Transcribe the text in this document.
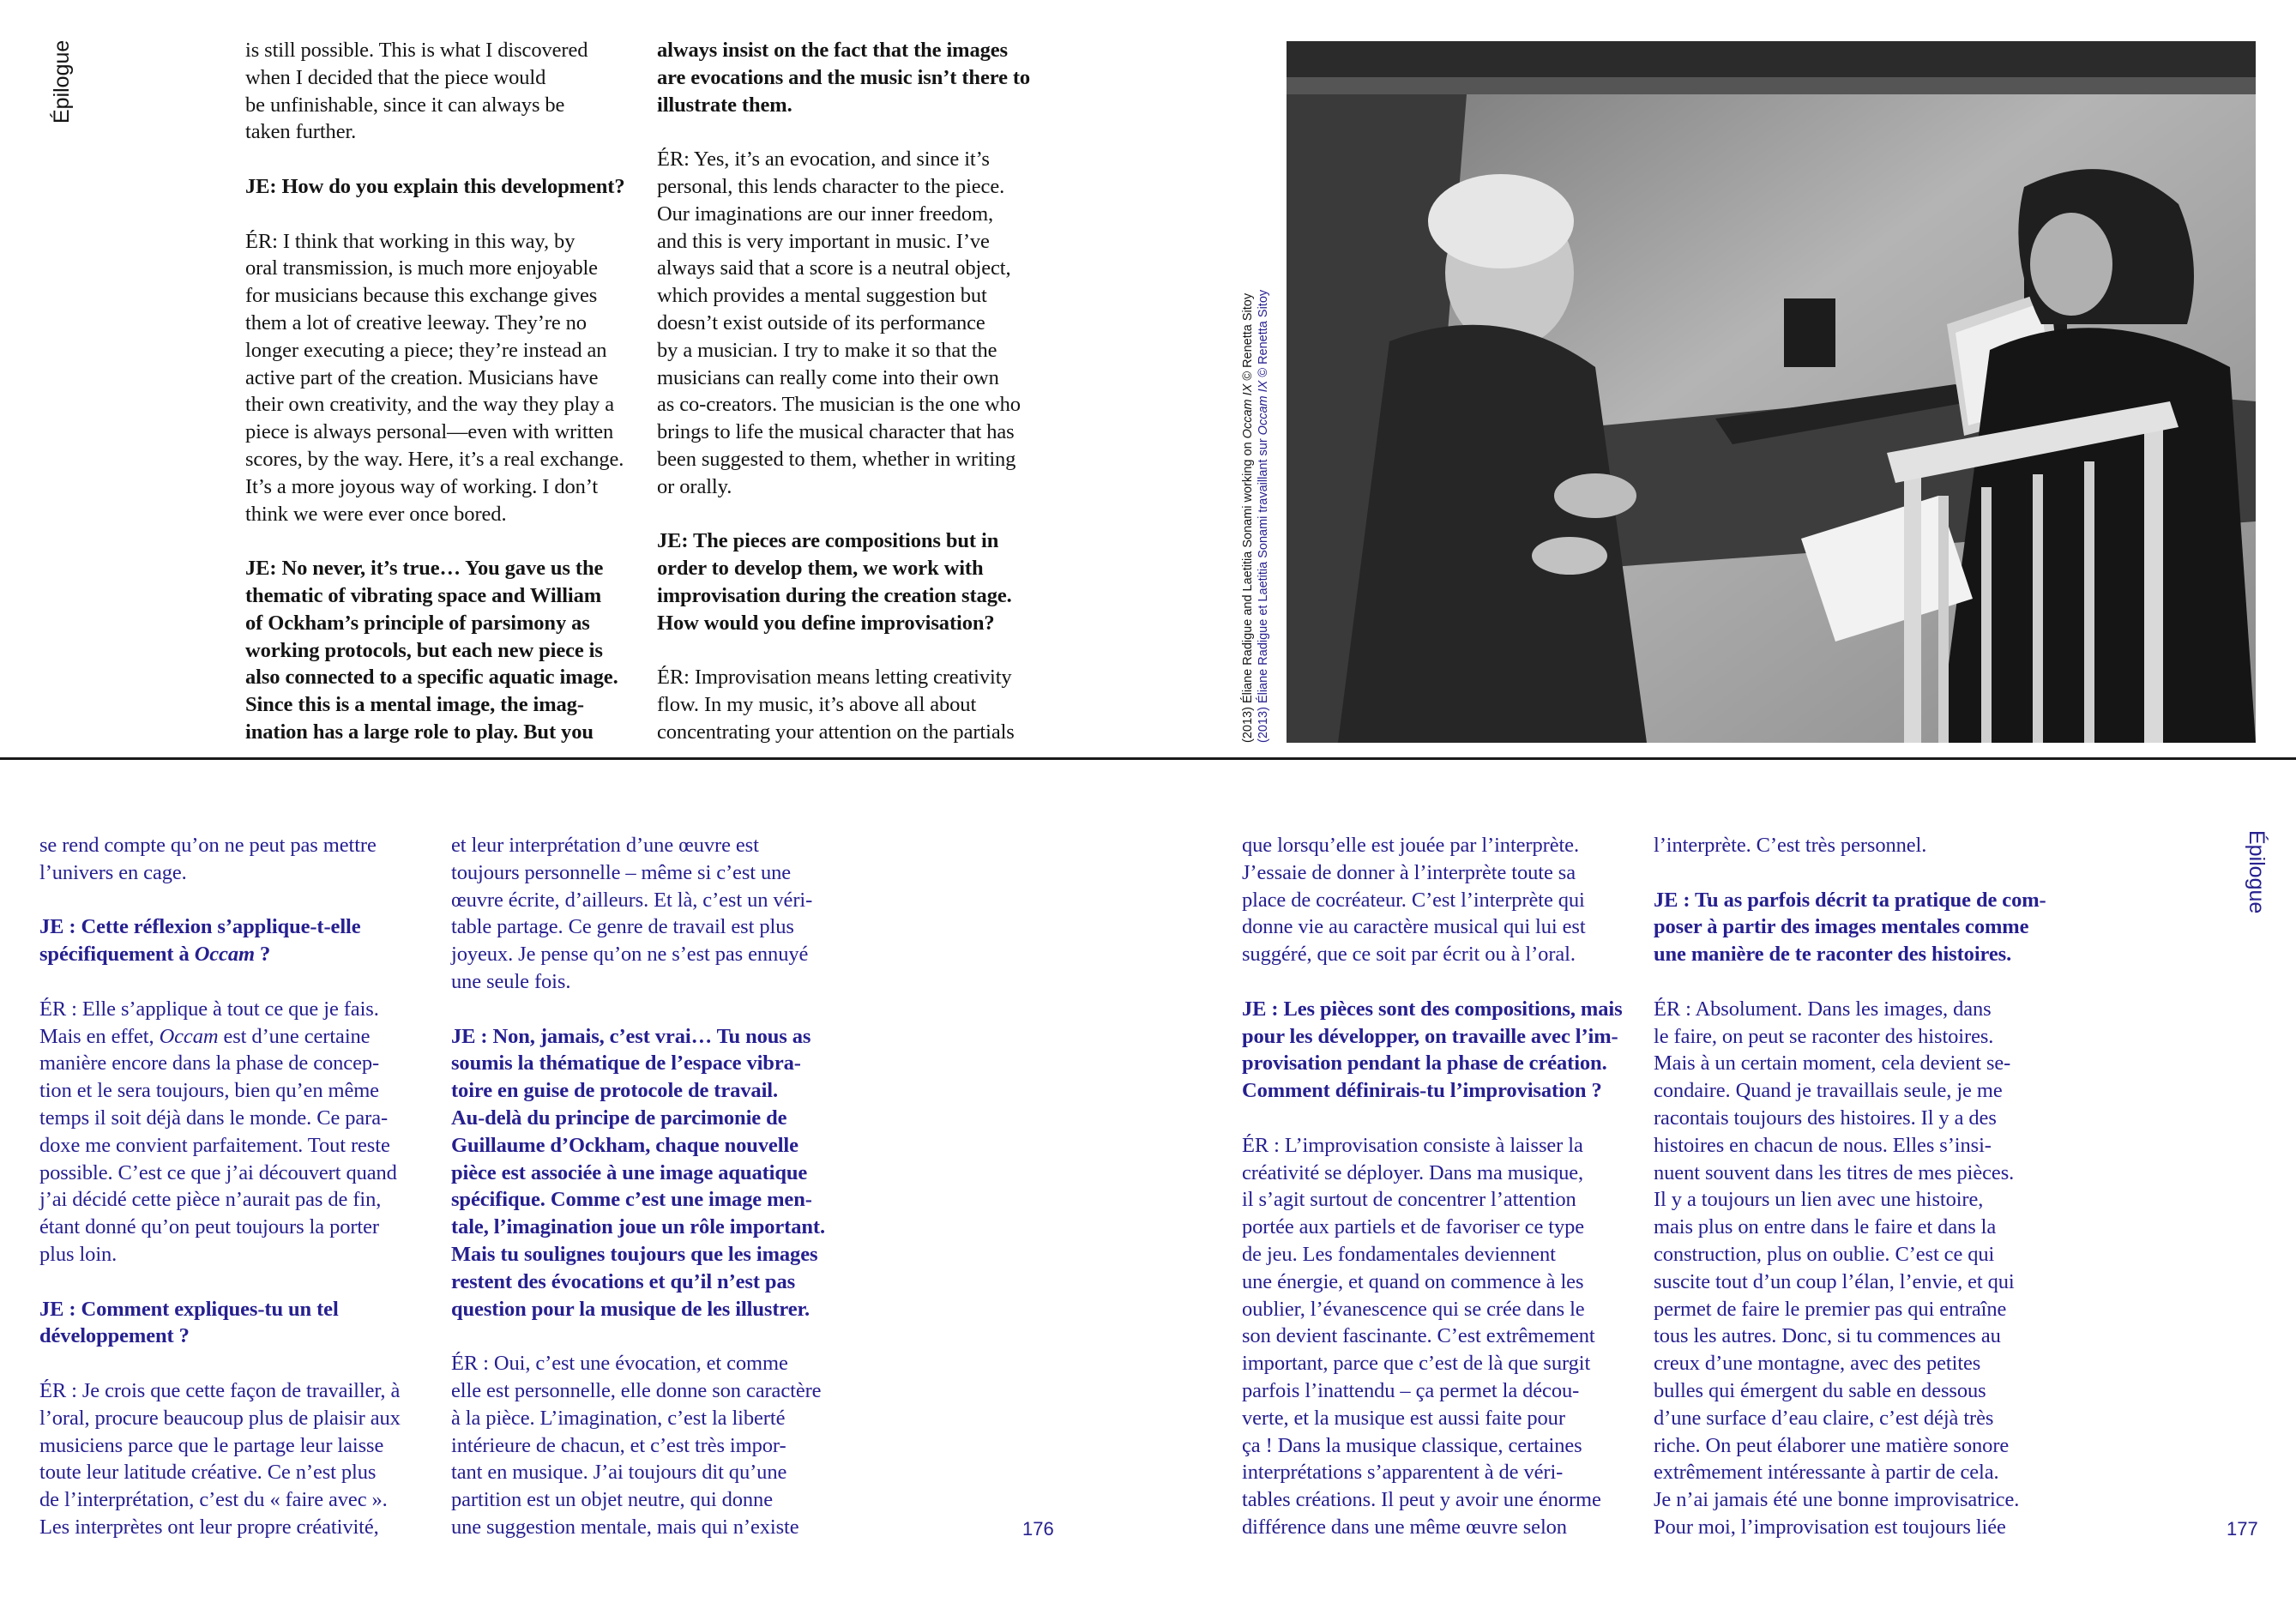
Épilogue	is still possible. This is what I discovered
when I decided that the piece would
be unfinishable, since it can always be
taken further.

JE: How do you explain this development?

ÉR: I think that working in this way, by
oral transmission, is much more enjoyable
for musicians because this exchange gives
them a lot of creative leeway. They’re no
longer executing a piece; they’re instead an
active part of the creation. Musicians have
their own creativity, and the way they play a
piece is always personal—even with written
scores, by the way. Here, it’s a real exchange.
It’s a more joyous way of working. I don’t
think we were ever once bored.

JE: No never, it’s true… You gave us the
thematic of vibrating space and William
of Ockham’s principle of parsimony as
working protocols, but each new piece is
also connected to a specific aquatic image.
Since this is a mental image, the imag-
ination has a large role to play. But you

always insist on the fact that the images
are evocations and the music isn’t there to
illustrate them.

ÉR: Yes, it’s an evocation, and since it’s
personal, this lends character to the piece.
Our imaginations are our inner freedom,
and this is very important in music. I’ve
always said that a score is a neutral object,
which provides a mental suggestion but
doesn’t exist outside of its performance
by a musician. I try to make it so that the
musicians can really come into their own
as co-creators. The musician is the one who
brings to life the musical character that has
been suggested to them, whether in writing
or orally.

JE: The pieces are compositions but in
order to develop them, we work with
improvisation during the creation stage.
How would you define improvisation?

ÉR: Improvisation means letting creativity
flow. In my music, it’s above all about
concentrating your attention on the partials	(2013) Éliane Radigue and Laetitia Sonami working on Occam IX © Renetta Sitoy
(2013) Éliane Radigue et Laetitia Sonami travaillant sur Occam IX © Renetta Sitoy

se rend compte qu’on ne peut pas mettre
l’univers en cage.

JE : Cette réflexion s’applique-t-elle
spécifiquement à Occam ?

ÉR : Elle s’applique à tout ce que je fais.
Mais en effet, Occam est d’une certaine
manière encore dans la phase de concep-
tion et le sera toujours, bien qu’en même
temps il soit déjà dans le monde. Ce para-
doxe me convient parfaitement. Tout reste
possible. C’est ce que j’ai découvert quand
j’ai décidé cette pièce n’aurait pas de fin,
étant donné qu’on peut toujours la porter
plus loin.

JE : Comment expliques-tu un tel
développement ?

ÉR : Je crois que cette façon de travailler, à
l’oral, procure beaucoup plus de plaisir aux
musiciens parce que le partage leur laisse
toute leur latitude créative. Ce n’est plus
de l’interprétation, c’est du « faire avec ».
Les interprètes ont leur propre créativité,

et leur interprétation d’une œuvre est
toujours personnelle – même si c’est une
œuvre écrite, d’ailleurs. Et là, c’est un véri-
table partage. Ce genre de travail est plus
joyeux. Je pense qu’on ne s’est pas ennuyé
une seule fois.

JE : Non, jamais, c’est vrai… Tu nous as
soumis la thématique de l’espace vibra-
toire en guise de protocole de travail.
Au-delà du principe de parcimonie de
Guillaume d’Ockham, chaque nouvelle
pièce est associée à une image aquatique
spécifique. Comme c’est une image men-
tale, l’imagination joue un rôle important.
Mais tu soulignes toujours que les images
restent des évocations et qu’il n’est pas
question pour la musique de les illustrer.

ÉR : Oui, c’est une évocation, et comme
elle est personnelle, elle donne son caractère
à la pièce. L’imagination, c’est la liberté
intérieure de chacun, et c’est très impor-
tant en musique. J’ai toujours dit qu’une
partition est un objet neutre, qui donne
une suggestion mentale, mais qui n’existe

que lorsqu’elle est jouée par l’interprète.
J’essaie de donner à l’interprète toute sa
place de cocréateur. C’est l’interprète qui
donne vie au caractère musical qui lui est
suggéré, que ce soit par écrit ou à l’oral.

JE : Les pièces sont des compositions, mais
pour les développer, on travaille avec l’im-
provisation pendant la phase de création.
Comment définirais-tu l’improvisation ?

ÉR : L’improvisation consiste à laisser la
créativité se déployer. Dans ma musique,
il s’agit surtout de concentrer l’attention
portée aux partiels et de favoriser ce type
de jeu. Les fondamentales deviennent
une énergie, et quand on commence à les
oublier, l’évanescence qui se crée dans le
son devient fascinante. C’est extrêmement
important, parce que c’est de là que surgit
parfois l’inattendu – ça permet la décou-
verte, et la musique est aussi faite pour
ça ! Dans la musique classique, certaines
interprétations s’apparentent à de véri-
tables créations. Il peut y avoir une énorme
différence dans une même œuvre selon

l’interprète. C’est très personnel.

JE : Tu as parfois décrit ta pratique de com-
poser à partir des images mentales comme
une manière de te raconter des histoires.

ÉR : Absolument. Dans les images, dans
le faire, on peut se raconter des histoires.
Mais à un certain moment, cela devient se-
condaire. Quand je travaillais seule, je me
racontais toujours des histoires. Il y a des
histoires en chacun de nous. Elles s’insi-
nuent souvent dans les titres de mes pièces.
Il y a toujours un lien avec une histoire,
mais plus on entre dans le faire et dans la
construction, plus on oublie. C’est ce qui
suscite tout d’un coup l’élan, l’envie, et qui
permet de faire le premier pas qui entraîne
tous les autres. Donc, si tu commences au
creux d’une montagne, avec des petites
bulles qui émergent du sable en dessous
d’une surface d’eau claire, c’est déjà très
riche. On peut élaborer une matière sonore
extrêmement intéressante à partir de cela.
Je n’ai jamais été une bonne improvisatrice.
Pour moi, l’improvisation est toujours liée

Épilogue
176	177
